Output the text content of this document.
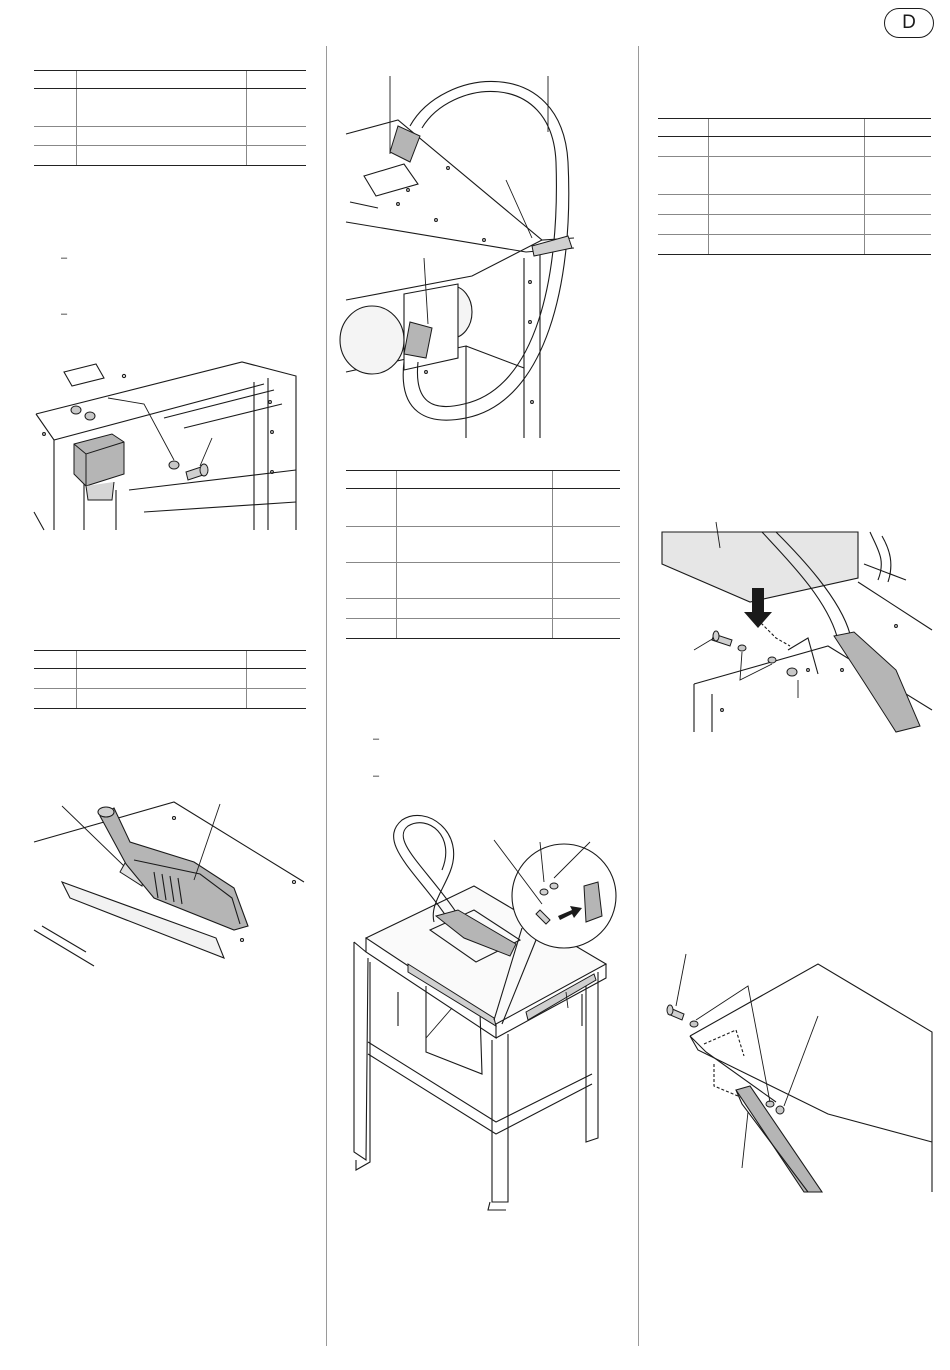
D

–
–
–
–
